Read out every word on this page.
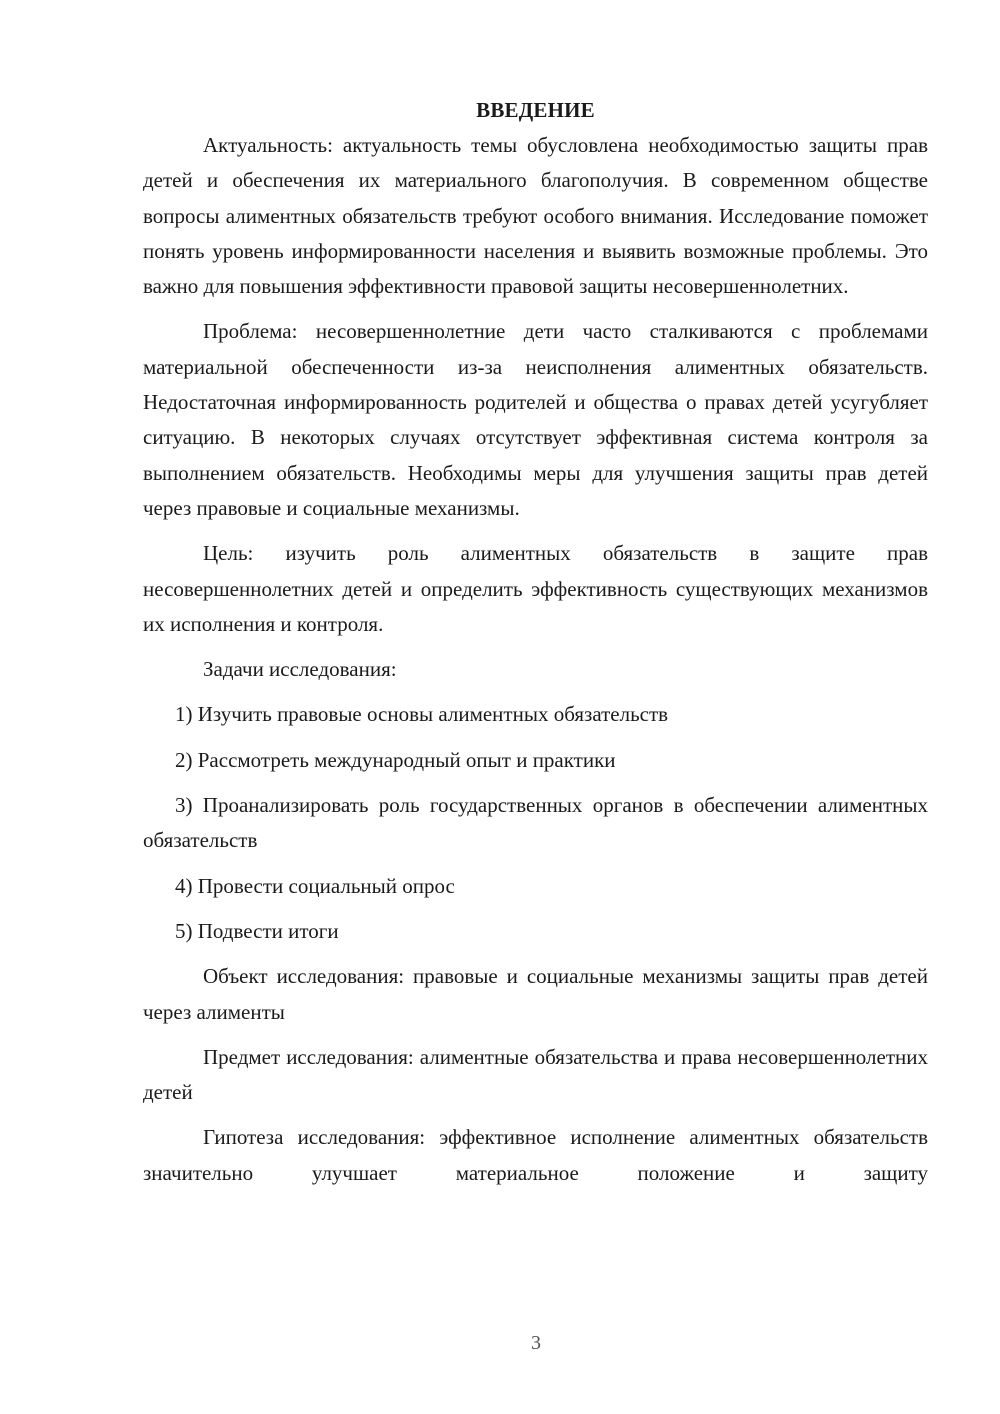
ВВЕДЕНИЕ

Актуальность: актуальность темы обусловлена необходимостью защиты прав детей и обеспечения их материального благополучия. В современном обществе вопросы алиментных обязательств требуют особого внимания. Исследование поможет понять уровень информированности населения и выявить возможные проблемы. Это важно для повышения эффективности правовой защиты несовершеннолетних.

Проблема: несовершеннолетние дети часто сталкиваются с проблемами материальной обеспеченности из-за неисполнения алиментных обязательств. Недостаточная информированность родителей и общества о правах детей усугубляет ситуацию. В некоторых случаях отсутствует эффективная система контроля за выполнением обязательств. Необходимы меры для улучшения защиты прав детей через правовые и социальные механизмы.

Цель: изучить роль алиментных обязательств в защите прав несовершеннолетних детей и определить эффективность существующих механизмов их исполнения и контроля.

Задачи исследования:

1) Изучить правовые основы алиментных обязательств

2) Рассмотреть международный опыт и практики

3) Проанализировать роль государственных органов в обеспечении алиментных обязательств

4) Провести социальный опрос

5) Подвести итоги

Объект исследования: правовые и социальные механизмы защиты прав детей через алименты

Предмет исследования: алиментные обязательства и права несовершеннолетних детей

Гипотеза исследования: эффективное исполнение алиментных обязательств значительно улучшает материальное положение и защиту

3
